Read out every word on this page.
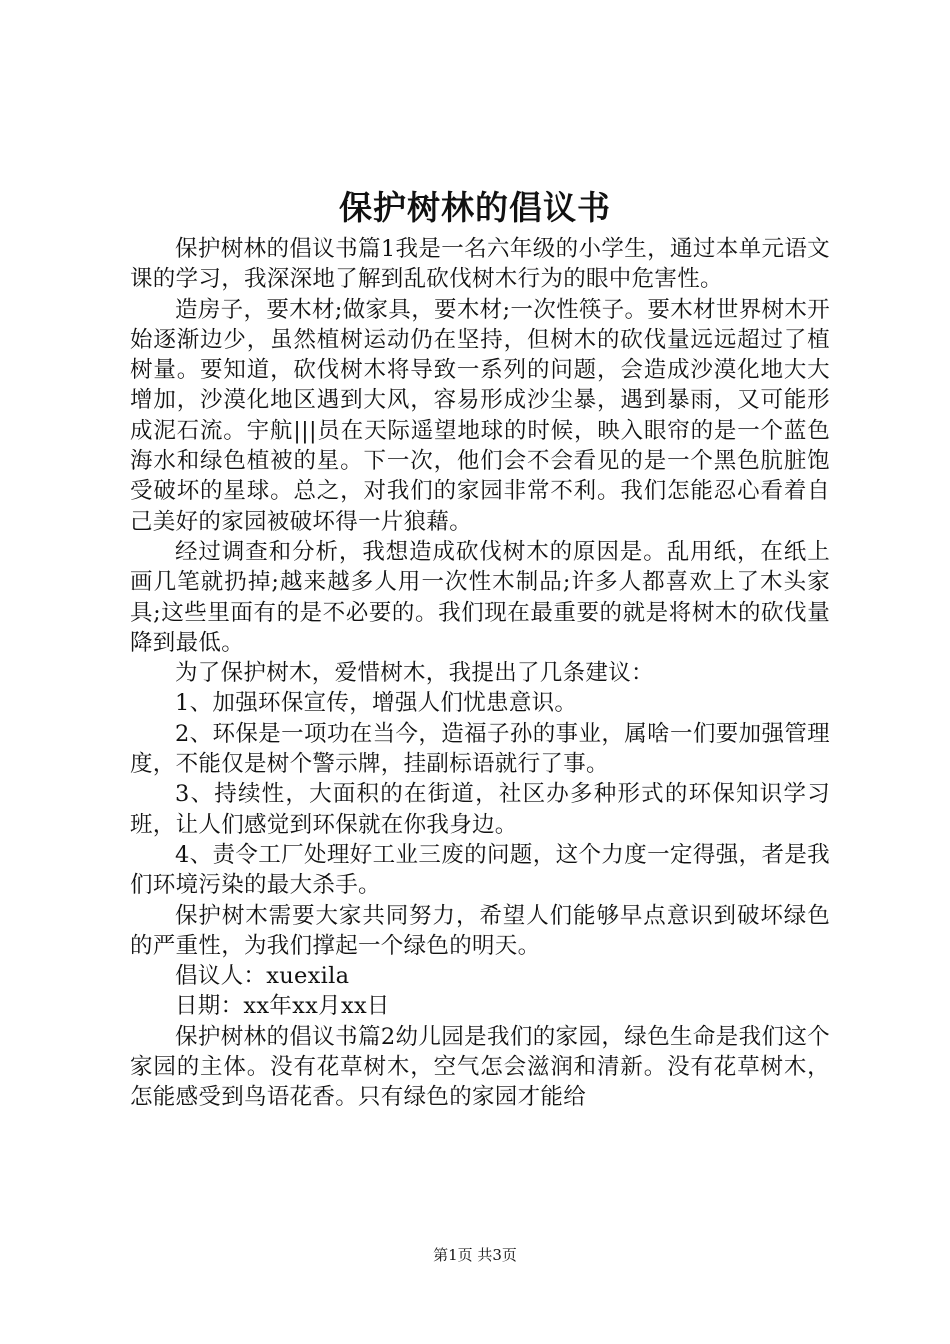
保护树林的倡议书

保护树林的倡议书篇1我是一名六年级的小学生，通过本单元语文课的学习，我深深地了解到乱砍伐树木行为的眼中危害性。

造房子，要木材;做家具，要木材;一次性筷子。要木材世界树木开始逐渐边少，虽然植树运动仍在坚持，但树木的砍伐量远远超过了植树量。要知道，砍伐树木将导致一系列的问题，会造成沙漠化地大大增加，沙漠化地区遇到大风，容易形成沙尘暴，遇到暴雨，又可能形成泥石流。宇航|||员在天际遥望地球的时候，映入眼帘的是一个蓝色海水和绿色植被的星。下一次，他们会不会看见的是一个黑色肮脏饱受破坏的星球。总之，对我们的家园非常不利。我们怎能忍心看着自己美好的家园被破坏得一片狼藉。

经过调查和分析，我想造成砍伐树木的原因是。乱用纸，在纸上画几笔就扔掉;越来越多人用一次性木制品;许多人都喜欢上了木头家具;这些里面有的是不必要的。我们现在最重要的就是将树木的砍伐量降到最低。

为了保护树木，爱惜树木，我提出了几条建议：

1、加强环保宣传，增强人们忧患意识。

2、环保是一项功在当今，造福子孙的事业，属啥一们要加强管理度，不能仅是树个警示牌，挂副标语就行了事。

3、持续性，大面积的在街道，社区办多种形式的环保知识学习班，让人们感觉到环保就在你我身边。

4、责令工厂处理好工业三废的问题，这个力度一定得强，者是我们环境污染的最大杀手。

保护树木需要大家共同努力，希望人们能够早点意识到破坏绿色的严重性，为我们撑起一个绿色的明天。

倡议人：xuexila

日期：xx年xx月xx日

保护树林的倡议书篇2幼儿园是我们的家园，绿色生命是我们这个家园的主体。没有花草树木，空气怎会滋润和清新。没有花草树木，怎能感受到鸟语花香。只有绿色的家园才能给

第1页 共3页
